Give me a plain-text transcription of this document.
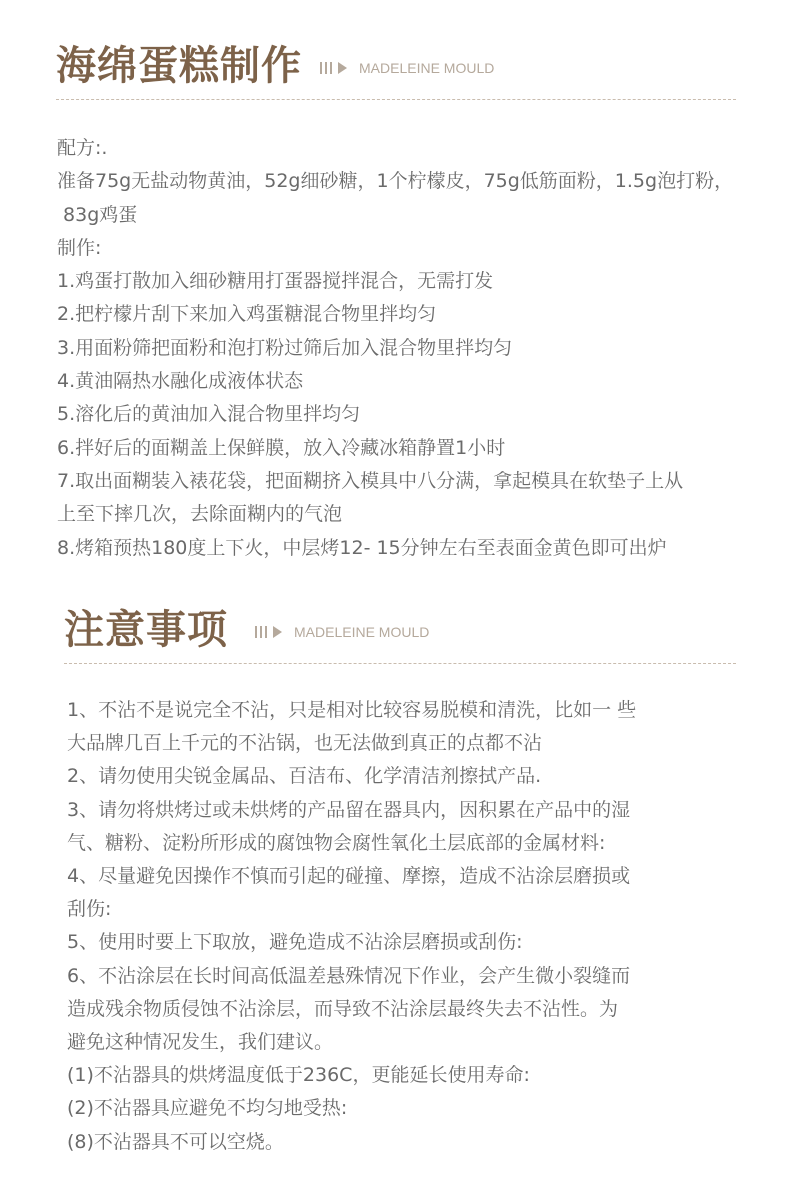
海绵蛋糕制作	MADELEINE MOULD
配方:.
准备75g无盐动物黄油，52g细砂糖，1个柠檬皮，75g低筋面粉，1.5g泡打粉，
83g鸡蛋
制作:
1.鸡蛋打散加入细砂糖用打蛋器搅拌混合，无需打发
2.把柠檬片刮下来加入鸡蛋糖混合物里拌均匀
3.用面粉筛把面粉和泡打粉过筛后加入混合物里拌均匀
4.黄油隔热水融化成液体状态
5.溶化后的黄油加入混合物里拌均匀
6.拌好后的面糊盖上保鲜膜，放入冷藏冰箱静置1小时
7.取出面糊装入裱花袋，把面糊挤入模具中八分满，拿起模具在软垫子上从
上至下摔几次，去除面糊内的气泡
8.烤箱预热180度上下火，中层烤12- 15分钟左右至表面金黄色即可出炉
注意事项	MADELEINE MOULD
1、不沾不是说完全不沾，只是相对比较容易脱模和清洗，比如一 些
大品牌几百上千元的不沾锅，也无法做到真正的点都不沾
2、请勿使用尖锐金属品、百洁布、化学清洁剂擦拭产品.
3、请勿将烘烤过或未烘烤的产品留在器具内，因积累在产品中的湿
气、糖粉、淀粉所形成的腐蚀物会腐性氧化土层底部的金属材料:
4、尽量避免因操作不慎而引起的碰撞、摩擦，造成不沾涂层磨损或
刮伤:
5、使用时要上下取放，避免造成不沾涂层磨损或刮伤:
6、不沾涂层在长时间高低温差悬殊情况下作业，会产生微小裂缝而
造成残余物质侵蚀不沾涂层，而导致不沾涂层最终失去不沾性。为
避免这种情况发生，我们建议。
(1)不沾器具的烘烤温度低于236C，更能延长使用寿命:
(2)不沾器具应避免不均匀地受热:
(8)不沾器具不可以空烧。
